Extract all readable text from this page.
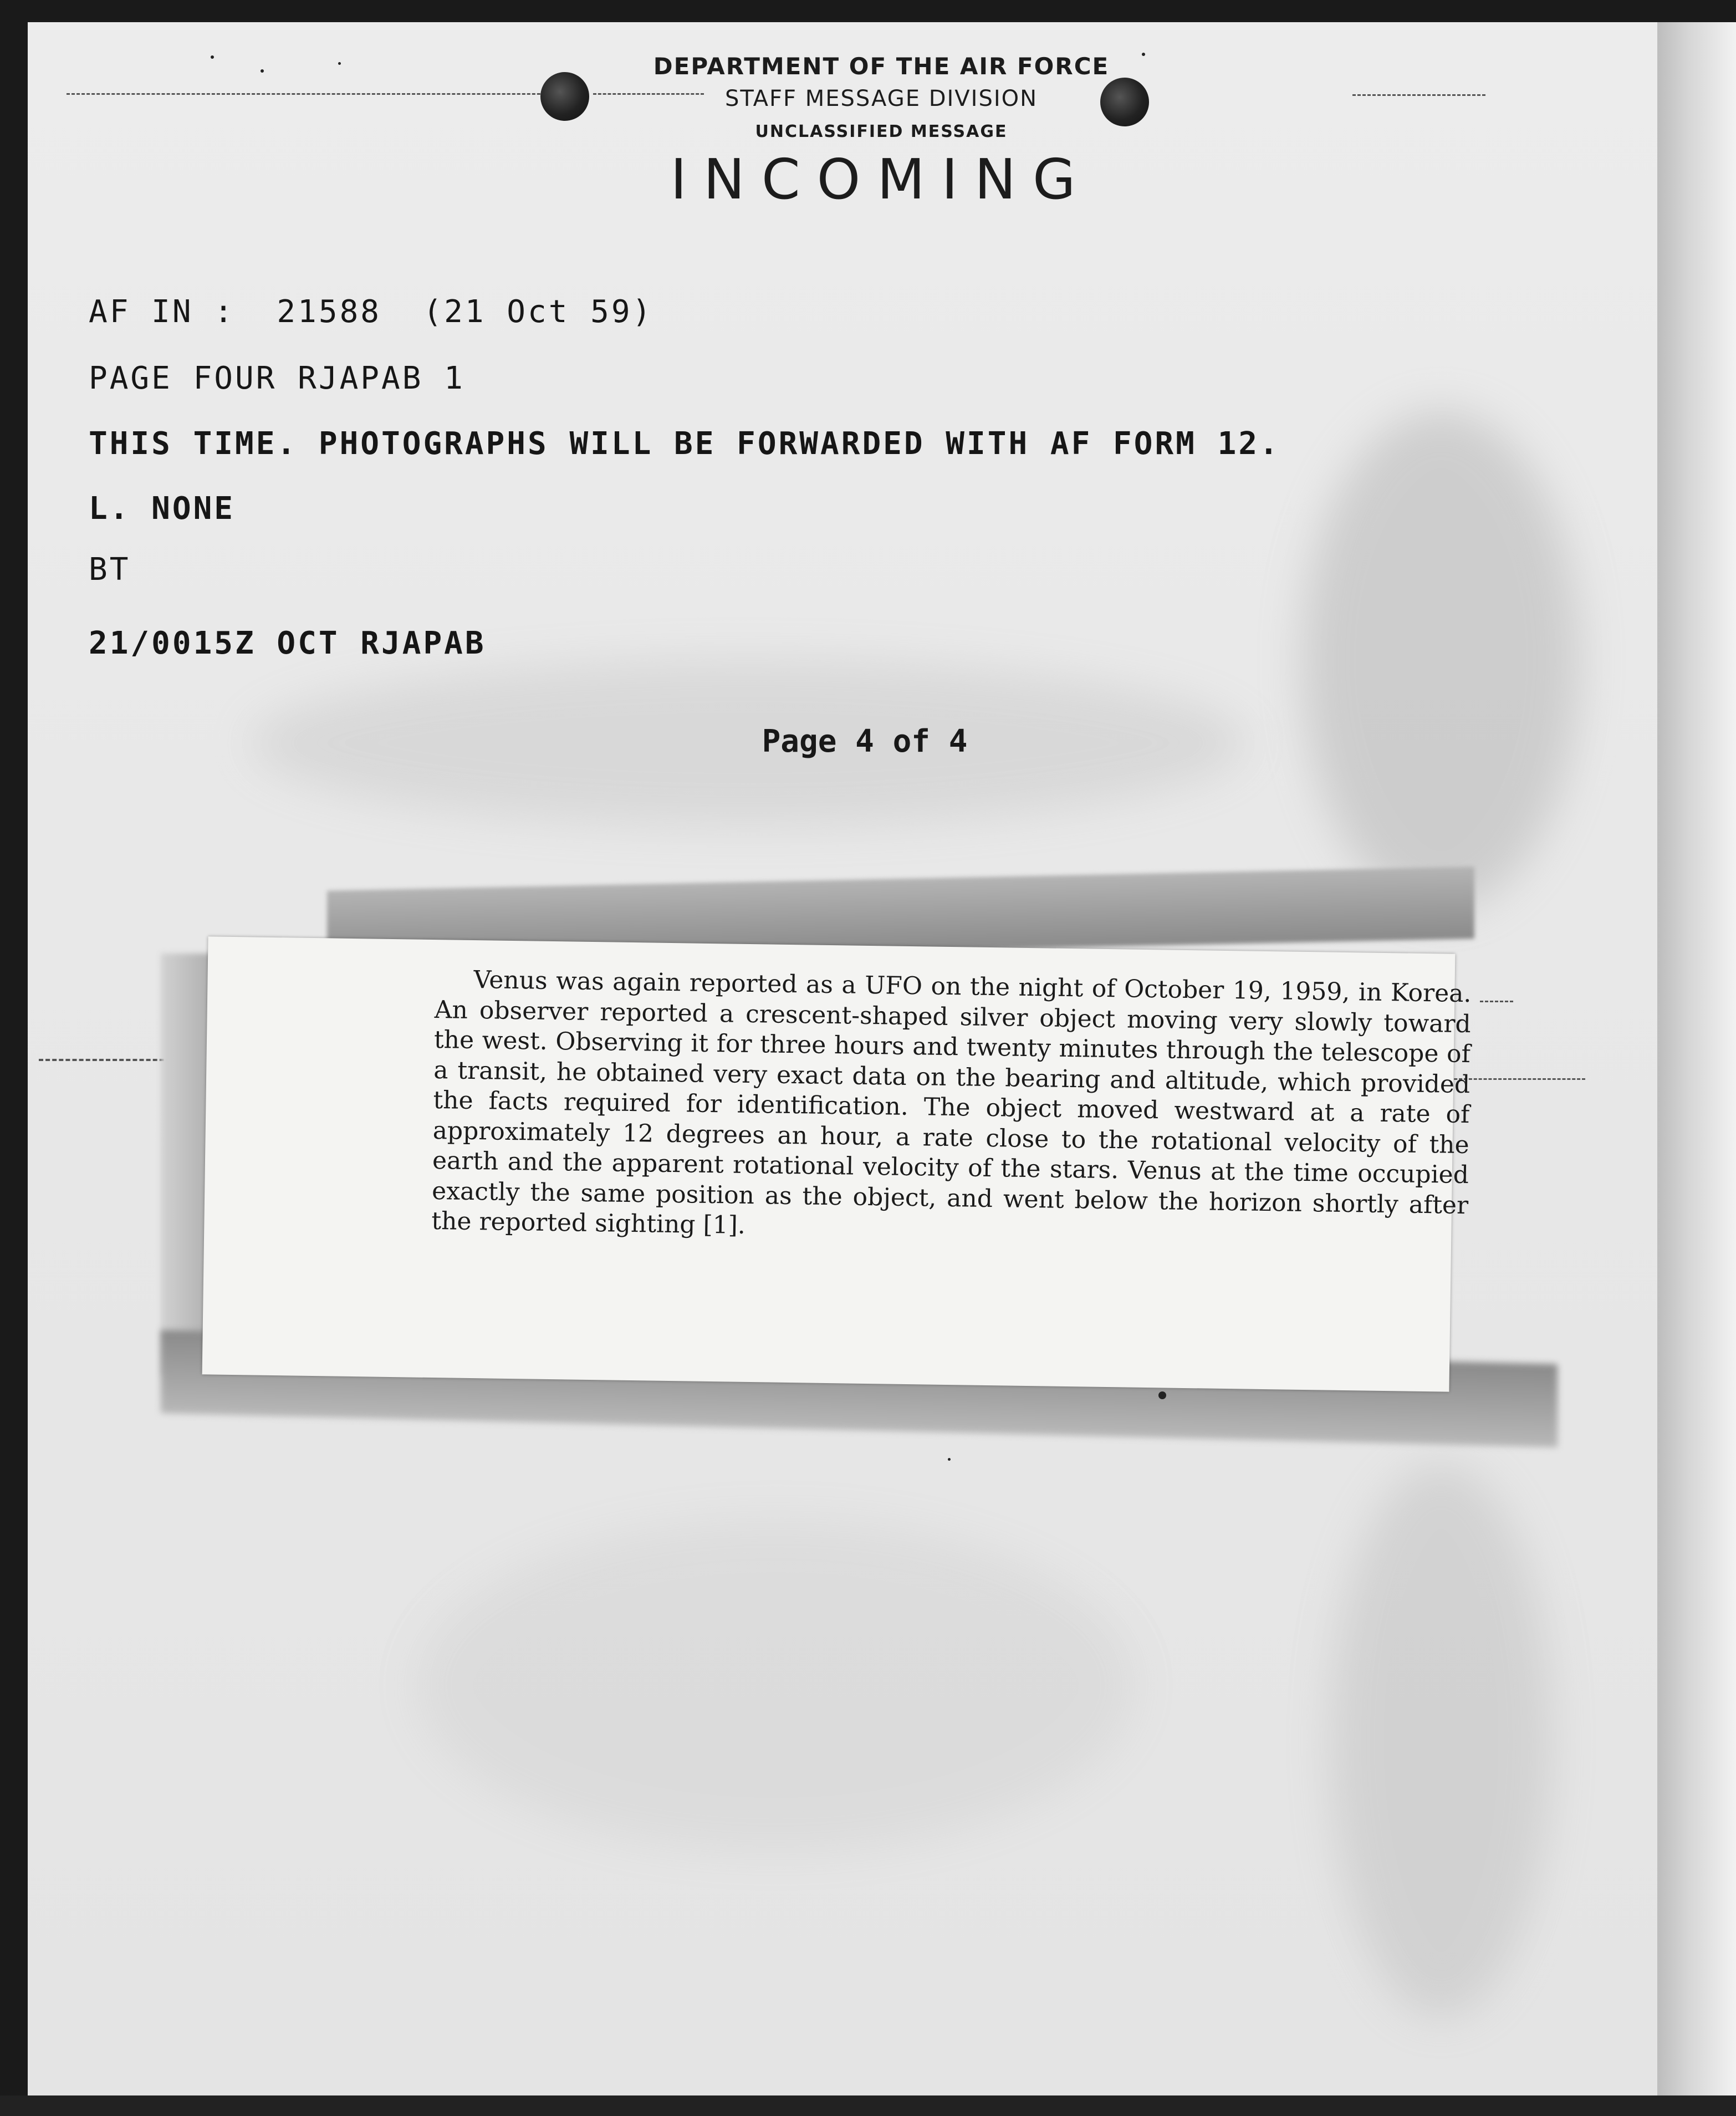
DEPARTMENT OF THE AIR FORCE
STAFF MESSAGE DIVISION
UNCLASSIFIED MESSAGE
INCOMING
AF IN :  21588  (21 Oct 59)
PAGE FOUR RJAPAB 1
THIS TIME. PHOTOGRAPHS WILL BE FORWARDED WITH AF FORM 12.
L. NONE
BT
21/0015Z OCT RJAPAB
Page 4 of 4
Venus was again reported as a UFO on the night of October 19, 1959, in Korea. An observer reported a crescent-shaped silver object moving very slowly toward the west. Observing it for three hours and twenty minutes through the telescope of a transit, he obtained very exact data on the bearing and altitude, which provided the facts required for identification. The object moved westward at a rate of approximately 12 degrees an hour, a rate close to the rotational velocity of the earth and the apparent rotational velocity of the stars. Venus at the time occupied exactly the same position as the object, and went below the horizon shortly after the reported sighting [1].
